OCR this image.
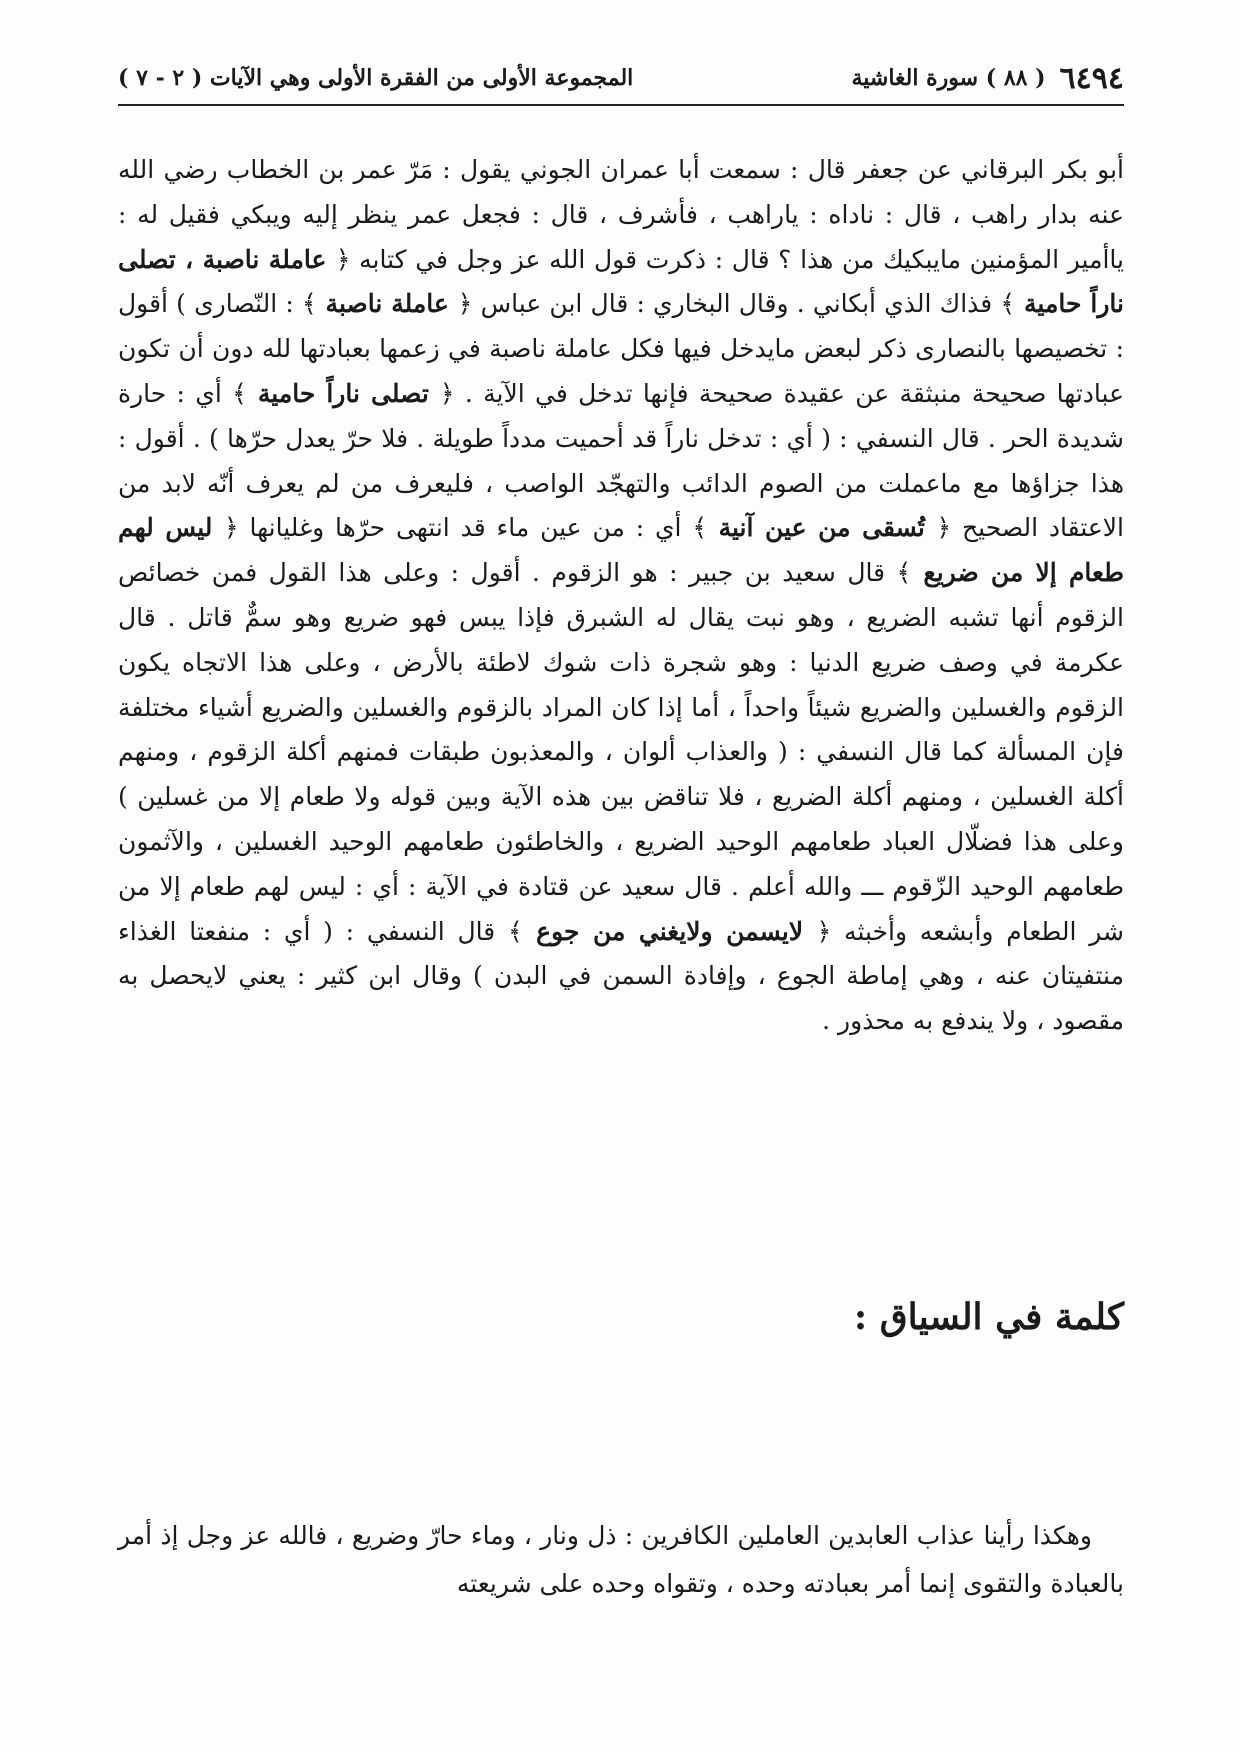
٦٤٩٤
( ٨٨ ) سورة الغاشية
المجموعة الأولى من الفقرة الأولى وهي الآيات ( ٢ - ٧ )

أبو بكر البرقاني عن جعفر قال : سمعت أبا عمران الجوني يقول : مَرّ عمر بن الخطاب رضي الله عنه بدار راهب ، قال : ناداه : ياراهب ، فأشرف ، قال : فجعل عمر ينظر إليه ويبكي فقيل له : ياأمير المؤمنين مايبكيك من هذا ؟ قال : ذكرت قول الله عز وجل في كتابه ﴿ عاملة ناصبة ، تصلى ناراً حامية ﴾ فذاك الذي أبكاني . وقال البخاري : قال ابن عباس ﴿ عاملة ناصبة ﴾ : النّصارى ) أقول : تخصيصها بالنصارى ذكر لبعض مايدخل فيها فكل عاملة ناصبة في زعمها بعبادتها لله دون أن تكون عبادتها صحيحة منبثقة عن عقيدة صحيحة فإنها تدخل في الآية . ﴿ تصلى ناراً حامية ﴾ أي : حارة شديدة الحر . قال النسفي : ( أي : تدخل ناراً قد أحميت مدداً طويلة . فلا حرّ يعدل حرّها ) . أقول : هذا جزاؤها مع ماعملت من الصوم الدائب والتهجّد الواصب ، فليعرف من لم يعرف أنّه لابد من الاعتقاد الصحيح ﴿ تُسقى من عين آنية ﴾ أي : من عين ماء قد انتهى حرّها وغليانها ﴿ ليس لهم طعام إلا من ضريع ﴾ قال سعيد بن جبير : هو الزقوم . أقول : وعلى هذا القول فمن خصائص الزقوم أنها تشبه الضريع ، وهو نبت يقال له الشبرق فإذا يبس فهو ضريع وهو سمٌّ قاتل . قال عكرمة في وصف ضريع الدنيا : وهو شجرة ذات شوك لاطئة بالأرض ، وعلى هذا الاتجاه يكون الزقوم والغسلين والضريع شيئاً واحداً ، أما إذا كان المراد بالزقوم والغسلين والضريع أشياء مختلفة فإن المسألة كما قال النسفي : ( والعذاب ألوان ، والمعذبون طبقات فمنهم أكلة الزقوم ، ومنهم أكلة الغسلين ، ومنهم أكلة الضريع ، فلا تناقض بين هذه الآية وبين قوله ولا طعام إلا من غسلين ) وعلى هذا فضلّال العباد طعامهم الوحيد الضريع ، والخاطئون طعامهم الوحيد الغسلين ، والآثمون طعامهم الوحيد الزّقوم ـــ والله أعلم . قال سعيد عن قتادة في الآية : أي : ليس لهم طعام إلا من شر الطعام وأبشعه وأخبثه ﴿ لايسمن ولايغني من جوع ﴾ قال النسفي : ( أي : منفعتا الغذاء منتفيتان عنه ، وهي إماطة الجوع ، وإفادة السمن في البدن ) وقال ابن كثير : يعني لايحصل به مقصود ، ولا يندفع به محذور .

كلمة في السياق :

وهكذا رأينا عذاب العابدين العاملين الكافرين : ذل ونار ، وماء حارّ وضريع ، فالله عز وجل إذ أمر بالعبادة والتقوى إنما أمر بعبادته وحده ، وتقواه وحده على شريعته
